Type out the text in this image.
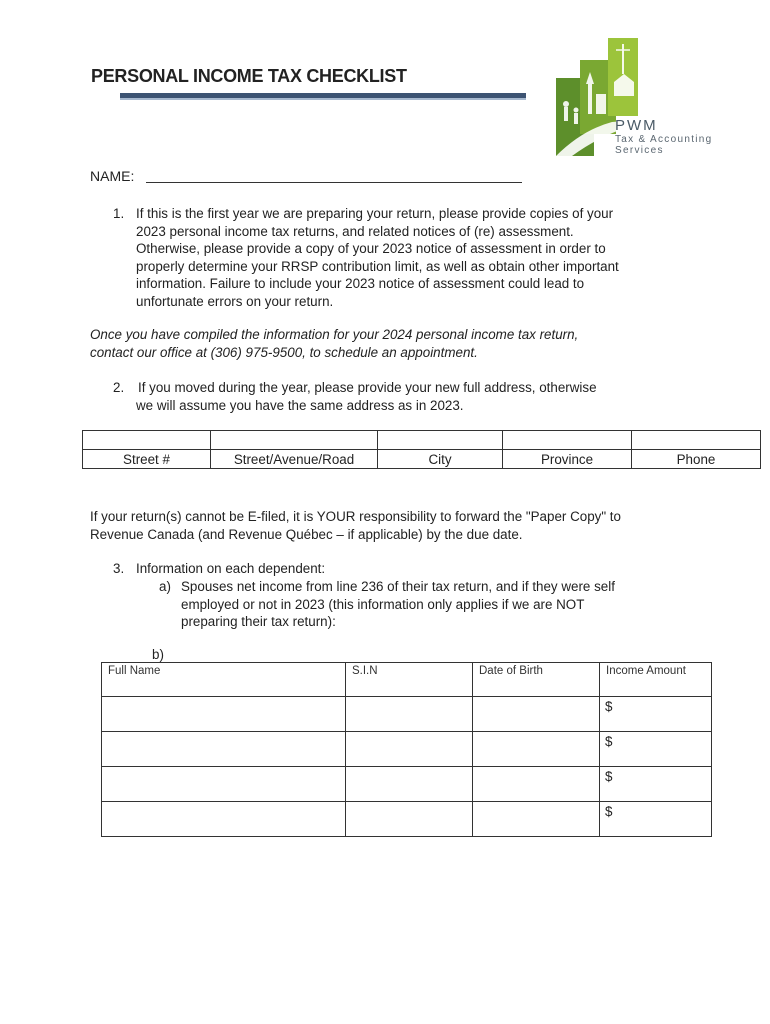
PERSONAL INCOME TAX CHECKLIST
PWM
Tax & Accounting
Services
NAME:
1. If this is the first year we are preparing your return, please provide copies of your
2023 personal income tax returns, and related notices of (re) assessment.
Otherwise, please provide a copy of your 2023 notice of assessment in order to
properly determine your RRSP contribution limit, as well as obtain other important
information. Failure to include your 2023 notice of assessment could lead to
unfortunate errors on your return.
Once you have compiled the information for your 2024 personal income tax return,
contact our office at (306) 975-9500, to schedule an appointment.
2. If you moved during the year, please provide your new full address, otherwise
we will assume you have the same address as in 2023.

Street #	Street/Avenue/Road	City	Province	Phone
If your return(s) cannot be E-filed, it is YOUR responsibility to forward the "Paper Copy" to
Revenue Canada (and Revenue Québec – if applicable) by the due date.
3. Information on each dependent:
a) Spouses net income from line 236 of their tax return, and if they were self
employed or not in 2023 (this information only applies if we are NOT
preparing their tax return):
b)
Full Name	S.I.N	Date of Birth	Income Amount
			$
			$
			$
			$
